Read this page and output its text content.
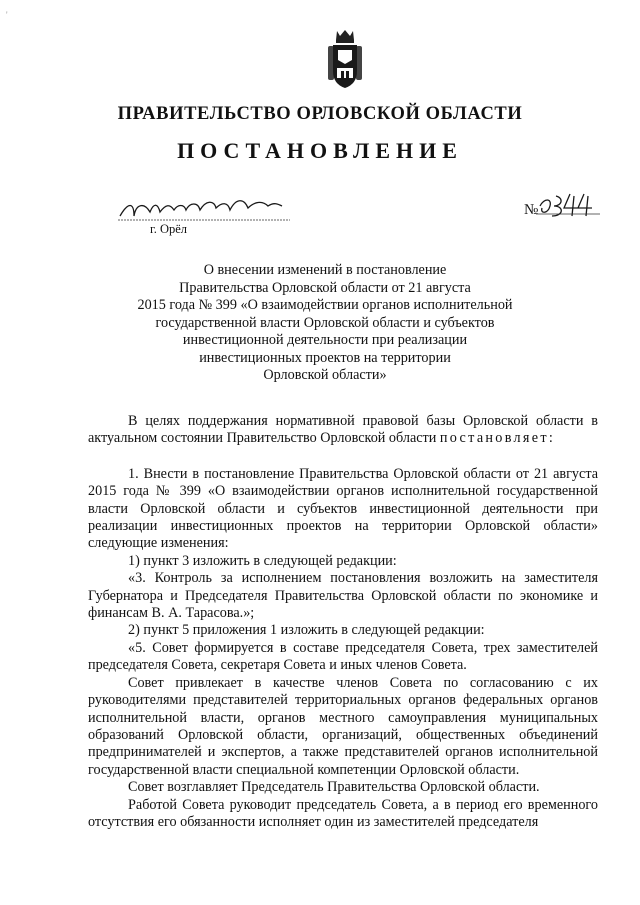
'
ПРАВИТЕЛЬСТВО ОРЛОВСКОЙ ОБЛАСТИ
ПОСТАНОВЛЕНИЕ
г. Орёл
№
О внесении изменений в постановление
Правительства Орловской области от 21 августа
2015 года № 399 «О взаимодействии органов исполнительной
государственной власти Орловской области и субъектов
инвестиционной деятельности при реализации
инвестиционных проектов на территории
Орловской области»

В целях поддержания нормативной правовой базы Орловской области в актуальном состоянии Правительство Орловской области постановляет:

1. Внести в постановление Правительства Орловской области от 21 августа 2015 года № 399 «О взаимодействии органов исполнительной государственной власти Орловской области и субъектов инвестиционной деятельности при реализации инвестиционных проектов на территории Орловской области» следующие изменения:

1) пункт 3 изложить в следующей редакции:

«3. Контроль за исполнением постановления возложить на заместителя Губернатора и Председателя Правительства Орловской области по экономике и финансам В. А. Тарасова.»;

2) пункт 5 приложения 1 изложить в следующей редакции:

«5. Совет формируется в составе председателя Совета, трех заместителей председателя Совета, секретаря Совета и иных членов Совета.

Совет привлекает в качестве членов Совета по согласованию с их руководителями представителей территориальных органов федеральных органов исполнительной власти, органов местного самоуправления муниципальных образований Орловской области, организаций, общественных объединений предпринимателей и экспертов, а также представителей органов исполнительной государственной власти специальной компетенции Орловской области.

Совет возглавляет Председатель Правительства Орловской области.

Работой Совета руководит председатель Совета, а в период его временного отсутствия его обязанности исполняет один из заместителей председателя
